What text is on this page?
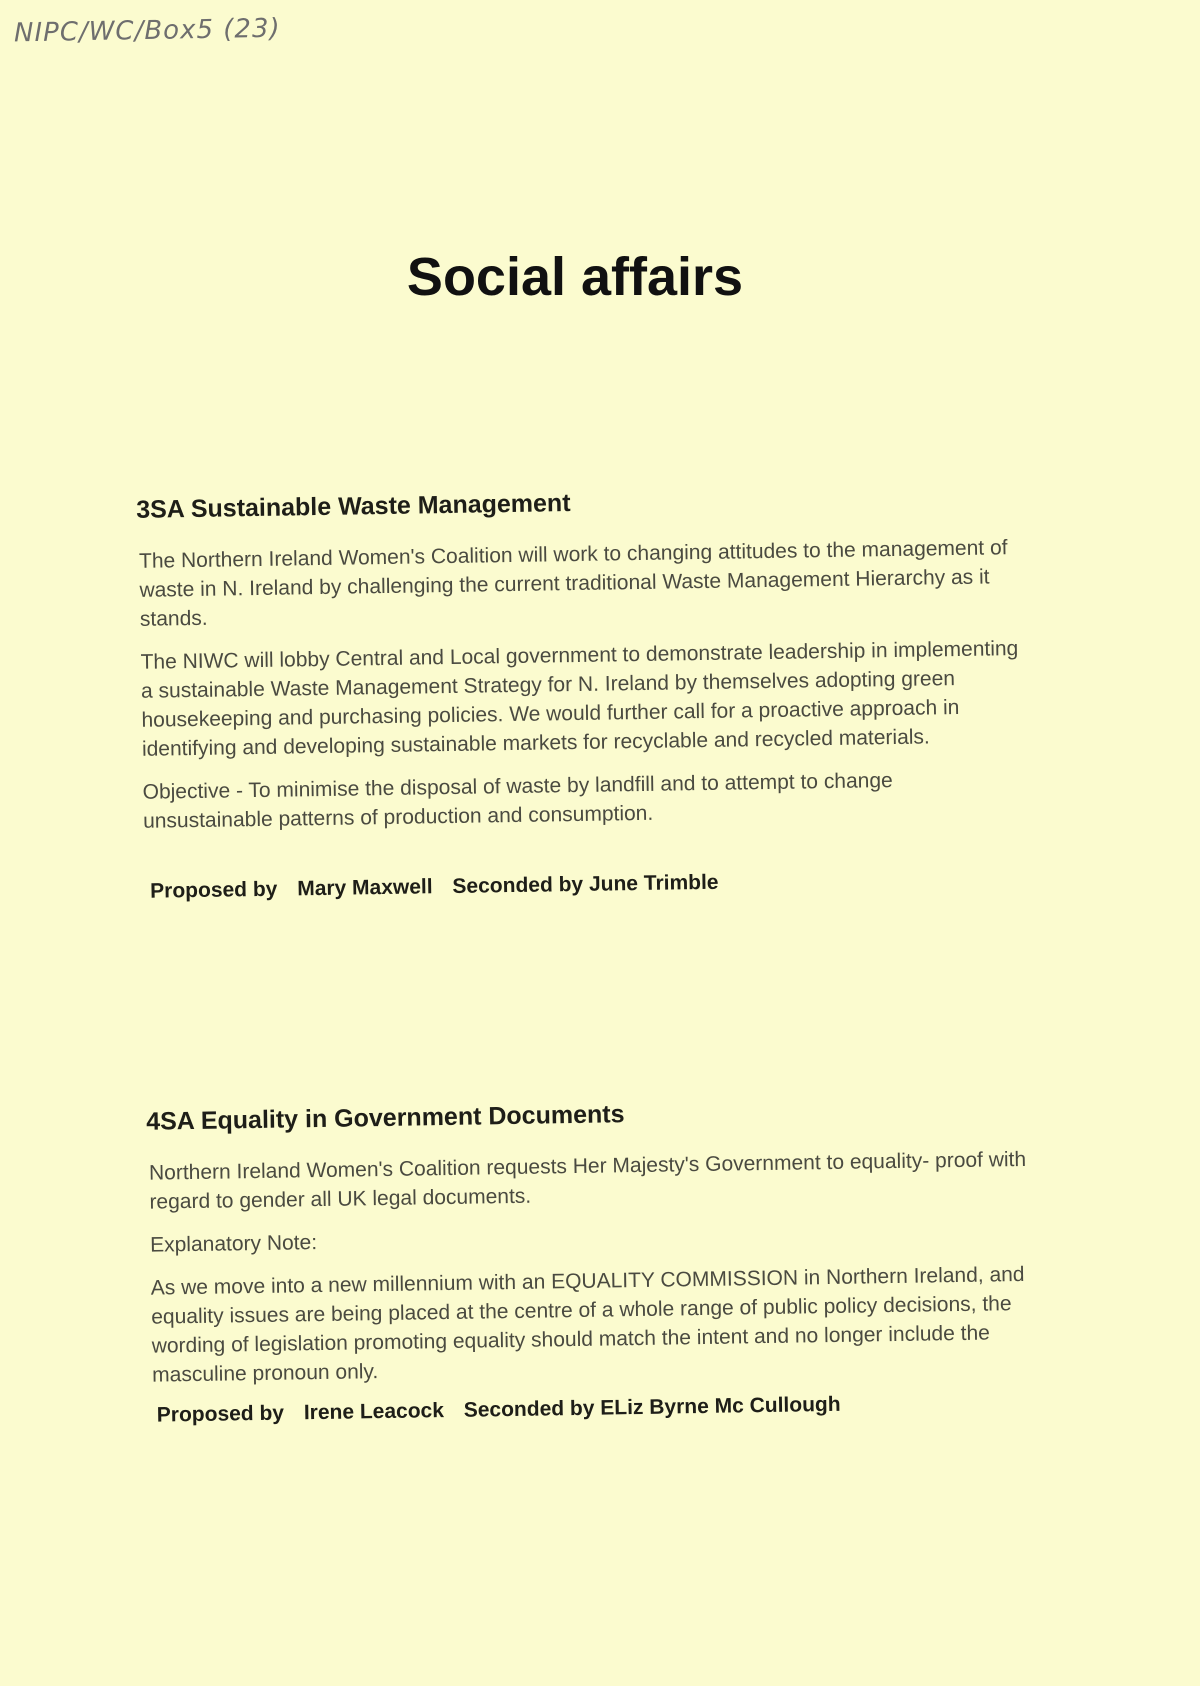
NIPC/WC/Box5 (23)
Social affairs
3SA Sustainable Waste Management

The Northern Ireland Women's Coalition will work to changing attitudes to the management of waste in N. Ireland by challenging the current traditional Waste Management Hierarchy as it stands.

The NIWC will lobby Central and Local government to demonstrate leadership in implementing a sustainable Waste Management Strategy for N. Ireland by themselves adopting green housekeeping and purchasing policies. We would further call for a proactive approach in identifying and developing sustainable markets for recyclable and recycled materials.

Objective - To minimise the disposal of waste by landfill and to attempt to change unsustainable patterns of production and consumption.

Proposed by Mary Maxwell Seconded by June Trimble
4SA Equality in Government Documents

Northern Ireland Women's Coalition requests Her Majesty's Government to equality- proof with regard to gender all UK legal documents.

Explanatory Note:

As we move into a new millennium with an EQUALITY COMMISSION in Northern Ireland, and equality issues are being placed at the centre of a whole range of public policy decisions, the wording of legislation promoting equality should match the intent and no longer include the masculine pronoun only.

Proposed by Irene Leacock Seconded by ELiz Byrne Mc Cullough
